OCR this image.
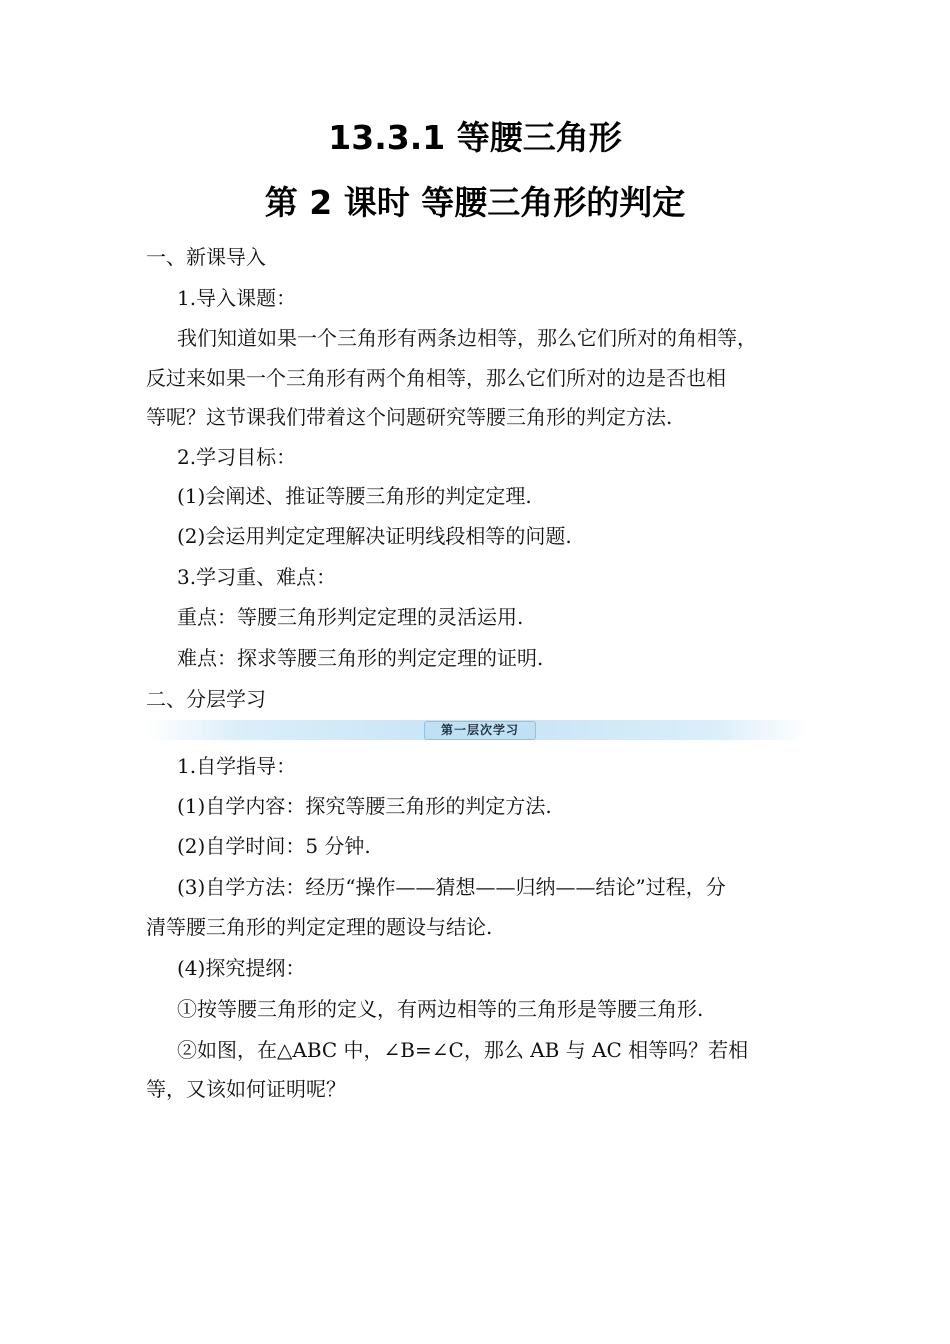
13.3.1 等腰三角形
第 2 课时 等腰三角形的判定
一、新课导入
1.导入课题：
我们知道如果一个三角形有两条边相等，那么它们所对的角相等，
反过来如果一个三角形有两个角相等，那么它们所对的边是否也相
等呢？这节课我们带着这个问题研究等腰三角形的判定方法.
2.学习目标：
(1)会阐述、推证等腰三角形的判定定理.
(2)会运用判定定理解决证明线段相等的问题.
3.学习重、难点：
重点：等腰三角形判定定理的灵活运用.
难点：探求等腰三角形的判定定理的证明.
二、分层学习
第一层次学习
1.自学指导：
(1)自学内容：探究等腰三角形的判定方法.
(2)自学时间：5 分钟.
(3)自学方法：经历“操作——猜想——归纳——结论”过程，分
清等腰三角形的判定定理的题设与结论.
(4)探究提纲：
①按等腰三角形的定义，有两边相等的三角形是等腰三角形.
②如图，在△ABC 中，∠B=∠C，那么 AB 与 AC 相等吗？若相
等，又该如何证明呢？
